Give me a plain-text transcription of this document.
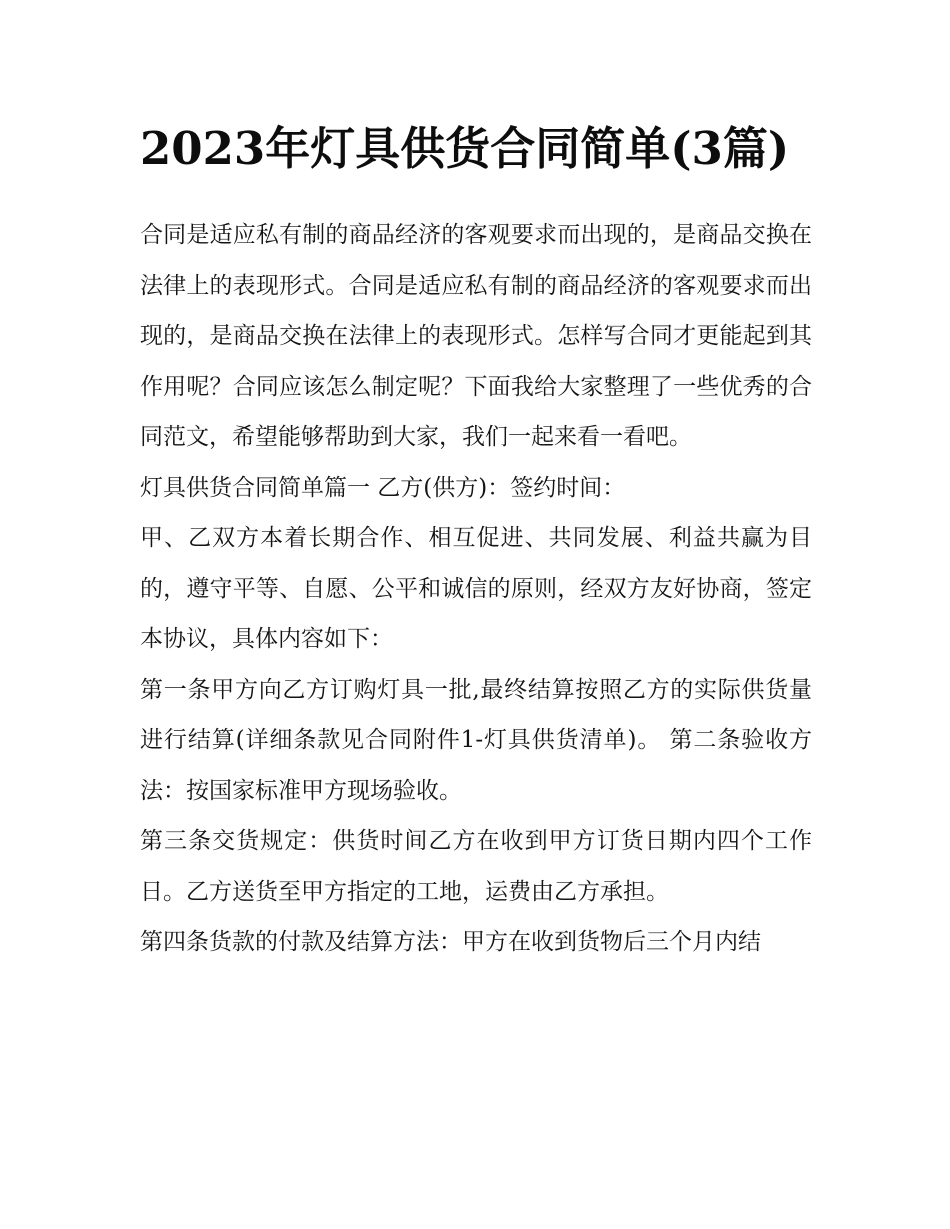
2023年灯具供货合同简单(3篇)

合同是适应私有制的商品经济的客观要求而出现的，是商品交换在法律上的表现形式。合同是适应私有制的商品经济的客观要求而出现的，是商品交换在法律上的表现形式。怎样写合同才更能起到其作用呢？合同应该怎么制定呢？下面我给大家整理了一些优秀的合同范文，希望能够帮助到大家，我们一起来看一看吧。

灯具供货合同简单篇一 乙方(供方)：签约时间：

甲、乙双方本着长期合作、相互促进、共同发展、利益共赢为目的，遵守平等、自愿、公平和诚信的原则，经双方友好协商，签定本协议，具体内容如下：

第一条甲方向乙方订购灯具一批,最终结算按照乙方的实际供货量进行结算(详细条款见合同附件1-灯具供货清单)。 第二条验收方法：按国家标准甲方现场验收。

第三条交货规定：供货时间乙方在收到甲方订货日期内四个工作日。乙方送货至甲方指定的工地，运费由乙方承担。

第四条货款的付款及结算方法：甲方在收到货物后三个月内结
